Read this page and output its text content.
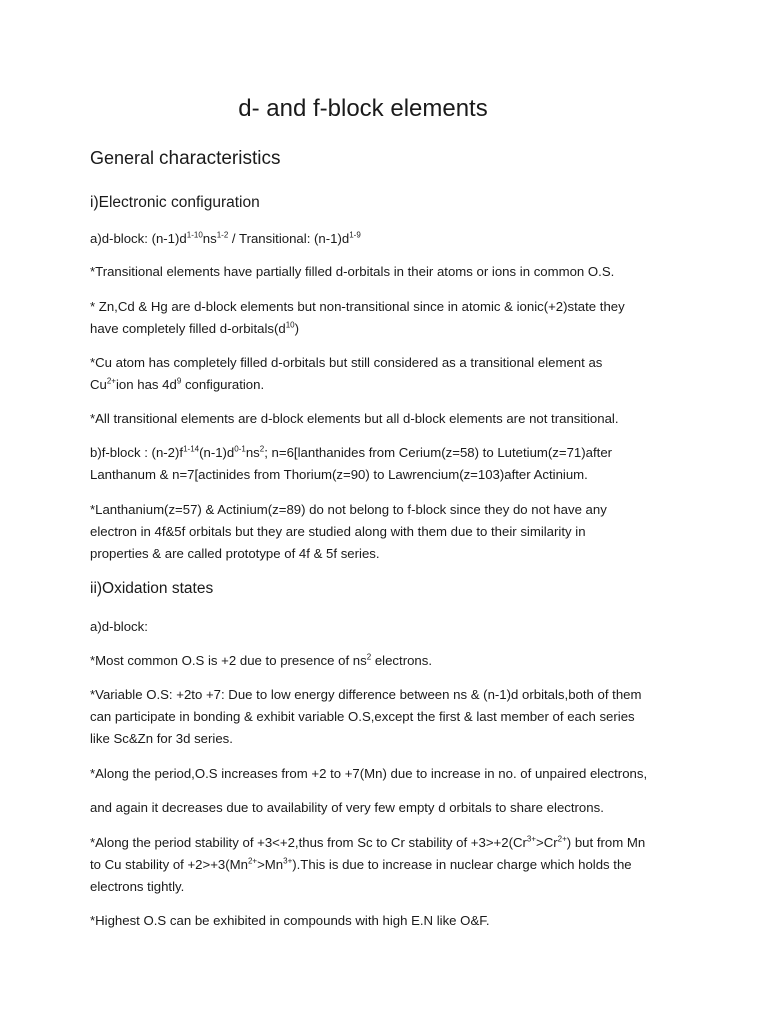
d- and f-block elements
General characteristics
i)Electronic configuration

a)d-block: $(n-1)d^{1-10}ns^{1-2}$ / Transitional: $(n-1)d^{1-9}$

*Transitional elements have partially filled d-orbitals in their atoms or ions in common O.S.

* Zn,Cd & Hg are d-block elements but non-transitional since in atomic & ionic(+2)state they
have completely filled $d-orbitals(d^{10})$

*Cu atom has completely filled d-orbitals but still considered as a transitional element as
$Cu^{2+}ion$ has $4d^9$ configuration.

*All transitional elements are d-block elements but all d-block elements are not transitional.

b)f-block : $(n-2)f^{1-14}(n-1)d^{0-1}ns^2$; n=6[lanthanides from Cerium(z=58) to Lutetium(z=71)after
Lanthanum & n=7[actinides from Thorium(z=90) to Lawrencium(z=103)after Actinium.

*Lanthanium(z=57) & Actinium(z=89) do not belong to f-block since they do not have any
electron in 4f&5f orbitals but they are studied along with them due to their similarity in
properties & are called prototype of 4f & 5f series.

ii)Oxidation states

a)d-block:

*Most common O.S is +2 due to presence of $ns^2$ electrons.

*Variable O.S: +2to +7: Due to low energy difference between ns & (n-1)d orbitals,both of them
can participate in bonding & exhibit variable O.S,except the first & last member of each series
like Sc&Zn for 3d series.

*Along the period,O.S increases from +2 to +7(Mn) due to increase in no. of unpaired electrons,

and again it decreases due to availability of very few empty d orbitals to share electrons.

*Along the period stability of +3<+2,thus from Sc to Cr stability of $+3>+2(Cr^{3+}>Cr^{2+})$ but from Mn
to Cu stability of $+2>+3(Mn^{2+}>Mn^{3+}).This$ is due to increase in nuclear charge which holds the
electrons tightly.

*Highest O.S can be exhibited in compounds with high E.N like O&F.
